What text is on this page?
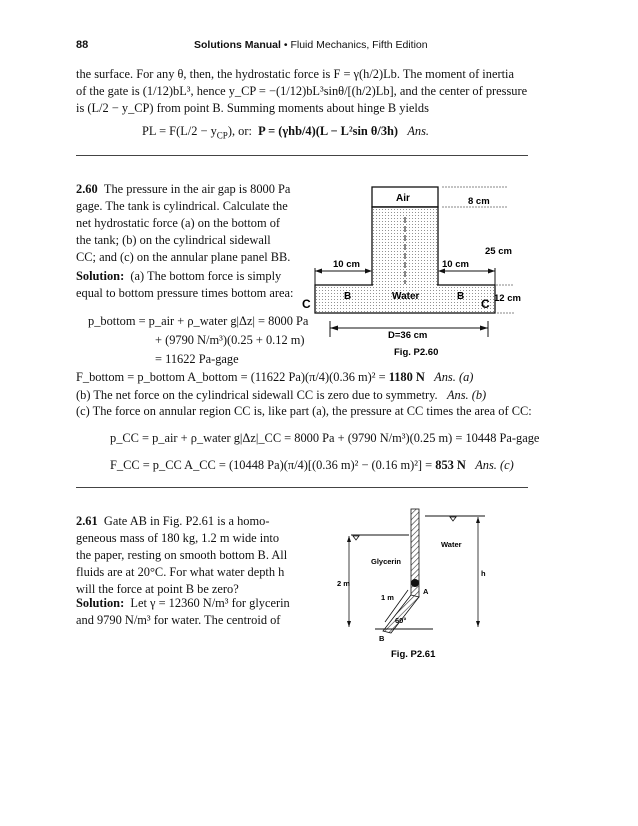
88	Solutions Manual • Fluid Mechanics, Fifth Edition
the surface. For any θ, then, the hydrostatic force is F = γ(h/2)Lb. The moment of inertia
of the gate is (1/12)bL³, hence y_CP = −(1/12)bL³sinθ/[(h/2)Lb], and the center of pressure
is (L/2 − y_CP) from point B. Summing moments about hinge B yields
PL = $F(L/2 - y_{CP})$, or: P = (γhb/4)(L − L²sin θ/3h) Ans.
2.60 The pressure in the air gap is 8000 Pa
gage. The tank is cylindrical. Calculate the
net hydrostatic force (a) on the bottom of
the tank; (b) on the cylindrical sidewall
CC; and (c) on the annular plane panel BB.
Solution: (a) The bottom force is simply
equal to bottom pressure times bottom area:
p_bottom = p_air + ρ_water g|Δz| = 8000 Pa
+ (9790 N/m³)(0.25 + 0.12 m)
= 11622 Pa-gage
F_bottom = p_bottom A_bottom = (11622 Pa)(π/4)(0.36 m)² = 1180 N Ans. (a)
(b) The net force on the cylindrical sidewall CC is zero due to symmetry. Ans. (b)
(c) The force on annular region CC is, like part (a), the pressure at CC times the area of CC:
p_CC = p_air + ρ_water g|Δz|_CC = 8000 Pa + (9790 N/m³)(0.25 m) = 10448 Pa-gage
F_CC = p_CC A_CC = (10448 Pa)(π/4)[(0.36 m)² − (0.16 m)²] = 853 N Ans. (c)
Air
Water
B	B
C	C
8 cm
25 cm
12 cm
10 cm	10 cm
D=36 cm
Fig. P2.60
2.61 Gate AB in Fig. P2.61 is a homo-
geneous mass of 180 kg, 1.2 m wide into
the paper, resting on smooth bottom B. All
fluids are at 20°C. For what water depth h
will the force at point B be zero?
Solution: Let γ = 12360 N/m³ for glycerin
and 9790 N/m³ for water. The centroid of
Glycerin
Water
2 m
1 m
A
60°
B
h
Fig. P2.61
